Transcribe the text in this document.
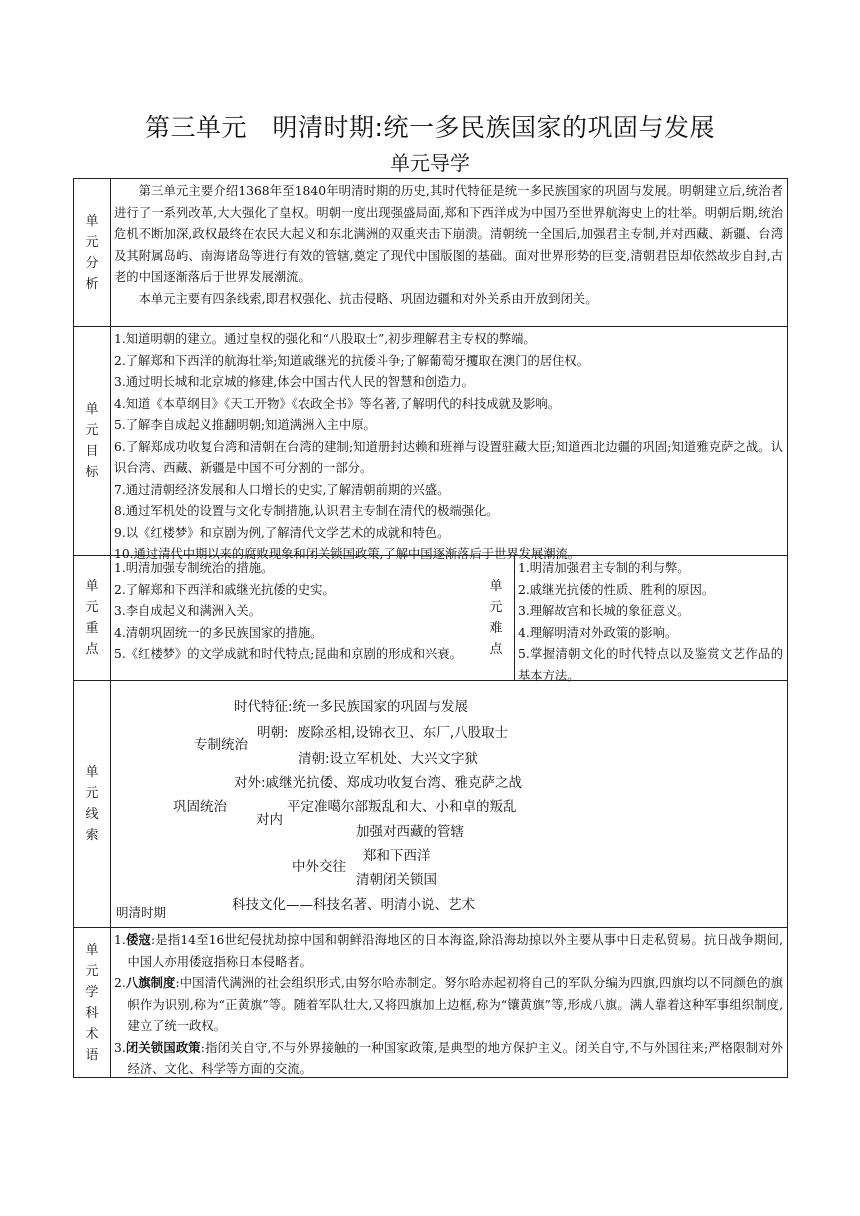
第三单元　明清时期:统一多民族国家的巩固与发展
单元导学
单元分析

第三单元主要介绍1368年至1840年明清时期的历史,其时代特征是统一多民族国家的巩固与发展。明朝建立后,统治者进行了一系列改革,大大强化了皇权。明朝一度出现强盛局面,郑和下西洋成为中国乃至世界航海史上的壮举。明朝后期,统治危机不断加深,政权最终在农民大起义和东北满洲的双重夹击下崩溃。清朝统一全国后,加强君主专制,并对西藏、新疆、台湾及其附属岛屿、南海诸岛等进行有效的管辖,奠定了现代中国版图的基础。面对世界形势的巨变,清朝君臣却依然故步自封,古老的中国逐渐落后于世界发展潮流。

本单元主要有四条线索,即君权强化、抗击侵略、巩固边疆和对外关系由开放到闭关。

单元目标

1.知道明朝的建立。通过皇权的强化和“八股取士”,初步理解君主专权的弊端。

2.了解郑和下西洋的航海壮举;知道戚继光的抗倭斗争;了解葡萄牙攫取在澳门的居住权。

3.通过明长城和北京城的修建,体会中国古代人民的智慧和创造力。

4.知道《本草纲目》《天工开物》《农政全书》等名著,了解明代的科技成就及影响。

5.了解李自成起义推翻明朝;知道满洲入主中原。

6.了解郑成功收复台湾和清朝在台湾的建制;知道册封达赖和班禅与设置驻藏大臣;知道西北边疆的巩固;知道雅克萨之战。认识台湾、西藏、新疆是中国不可分割的一部分。

7.通过清朝经济发展和人口增长的史实,了解清朝前期的兴盛。

8.通过军机处的设置与文化专制措施,认识君主专制在清代的极端强化。

9.以《红楼梦》和京剧为例,了解清代文学艺术的成就和特色。

10.通过清代中期以来的腐败现象和闭关锁国政策,了解中国逐渐落后于世界发展潮流。

单元重点

1.明清加强专制统治的措施。

2.了解郑和下西洋和戚继光抗倭的史实。

3.李自成起义和满洲入关。

4.清朝巩固统一的多民族国家的措施。

5.《红楼梦》的文学成就和时代特点;昆曲和京剧的形成和兴衰。

单元难点

1.明清加强君主专制的利与弊。

2.戚继光抗倭的性质、胜利的原因。

3.理解故宫和长城的象征意义。

4.理解明清对外政策的影响。

5.掌握清朝文化的时代特点以及鉴赏文艺作品的基本方法。

单元线索
时代特征:统一多民族国家的巩固与发展
专制统治
明朝: 废除丞相,设锦衣卫、东厂,八股取士
清朝:设立军机处、大兴文字狱
对外:戚继光抗倭、郑成功收复台湾、雅克萨之战
巩固统治
对内
平定准噶尔部叛乱和大、小和卓的叛乱
加强对西藏的管辖
中外交往
郑和下西洋
清朝闭关锁国
科技文化——科技名著、明清小说、艺术
明清时期
单元学科术语

1.倭寇:是指14至16世纪侵扰劫掠中国和朝鲜沿海地区的日本海盗,除沿海劫掠以外主要从事中日走私贸易。抗日战争期间,中国人亦用倭寇指称日本侵略者。

2.八旗制度:中国清代满洲的社会组织形式,由努尔哈赤制定。努尔哈赤起初将自己的军队分编为四旗,四旗均以不同颜色的旗帜作为识别,称为“正黄旗”等。随着军队壮大,又将四旗加上边框,称为“镶黄旗”等,形成八旗。满人靠着这种军事组织制度,建立了统一政权。

3.闭关锁国政策:指闭关自守,不与外界接触的一种国家政策,是典型的地方保护主义。闭关自守,不与外国往来;严格限制对外经济、文化、科学等方面的交流。
